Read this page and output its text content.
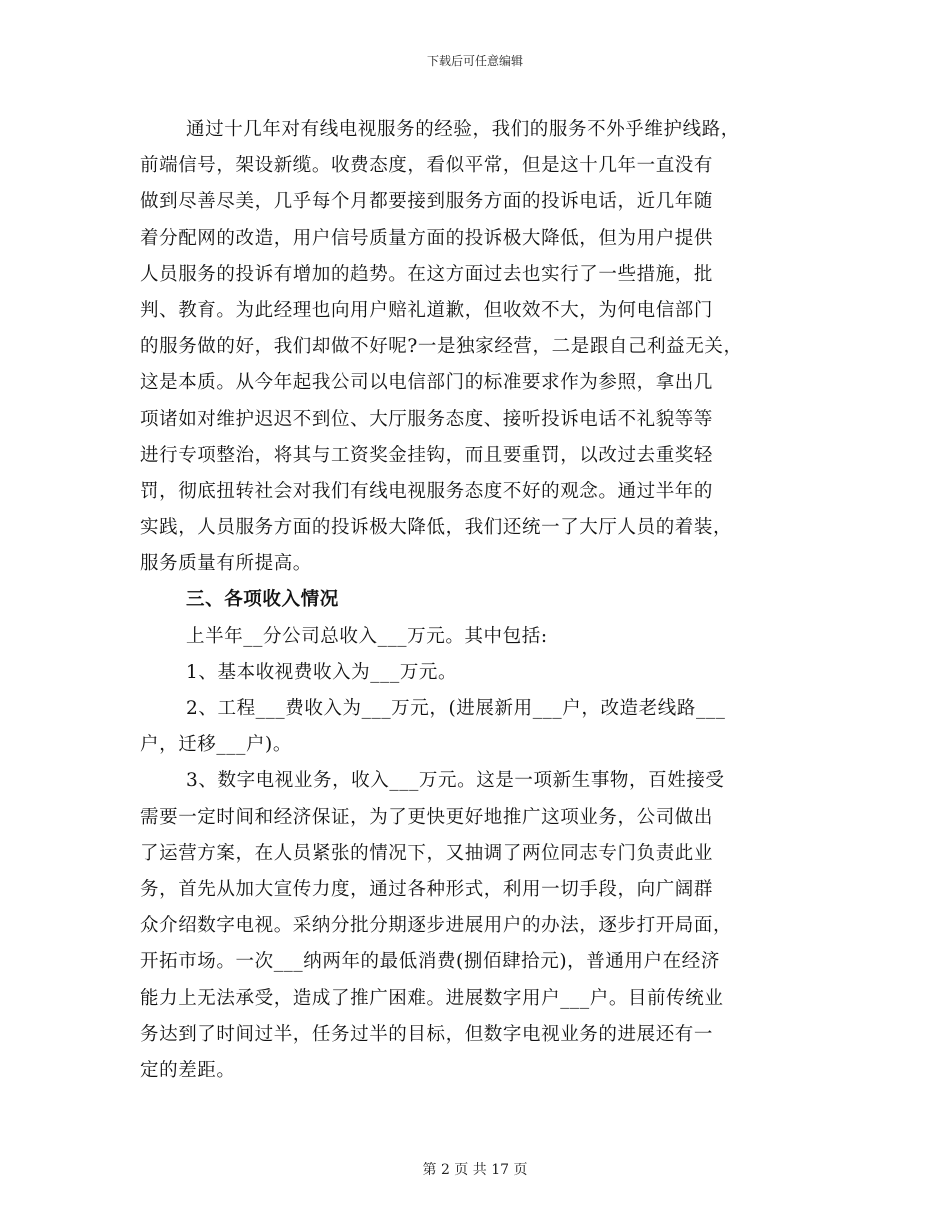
下载后可任意编辑
通过十几年对有线电视服务的经验，我们的服务不外乎维护线路，
前端信号，架设新缆。收费态度，看似平常，但是这十几年一直没有
做到尽善尽美，几乎每个月都要接到服务方面的投诉电话，近几年随
着分配网的改造，用户信号质量方面的投诉极大降低，但为用户提供
人员服务的投诉有增加的趋势。在这方面过去也实行了一些措施，批
判、教育。为此经理也向用户赔礼道歉，但收效不大，为何电信部门
的服务做的好，我们却做不好呢?一是独家经营，二是跟自己利益无关，
这是本质。从今年起我公司以电信部门的标准要求作为参照，拿出几
项诸如对维护迟迟不到位、大厅服务态度、接听投诉电话不礼貌等等
进行专项整治，将其与工资奖金挂钩，而且要重罚，以改过去重奖轻
罚，彻底扭转社会对我们有线电视服务态度不好的观念。通过半年的
实践，人员服务方面的投诉极大降低，我们还统一了大厅人员的着装，
服务质量有所提高。
三、各项收入情况
上半年__分公司总收入___万元。其中包括:
1、基本收视费收入为___万元。
2、工程___费收入为___万元，(进展新用___户，改造老线路___
户，迁移___户)。
3、数字电视业务，收入___万元。这是一项新生事物，百姓接受
需要一定时间和经济保证，为了更快更好地推广这项业务，公司做出
了运营方案，在人员紧张的情况下，又抽调了两位同志专门负责此业
务，首先从加大宣传力度，通过各种形式，利用一切手段，向广阔群
众介绍数字电视。采纳分批分期逐步进展用户的办法，逐步打开局面，
开拓市场。一次___纳两年的最低消费(捌佰肆拾元)，普通用户在经济
能力上无法承受，造成了推广困难。进展数字用户___户。目前传统业
务达到了时间过半，任务过半的目标，但数字电视业务的进展还有一
定的差距。
第 2 页 共 17 页
